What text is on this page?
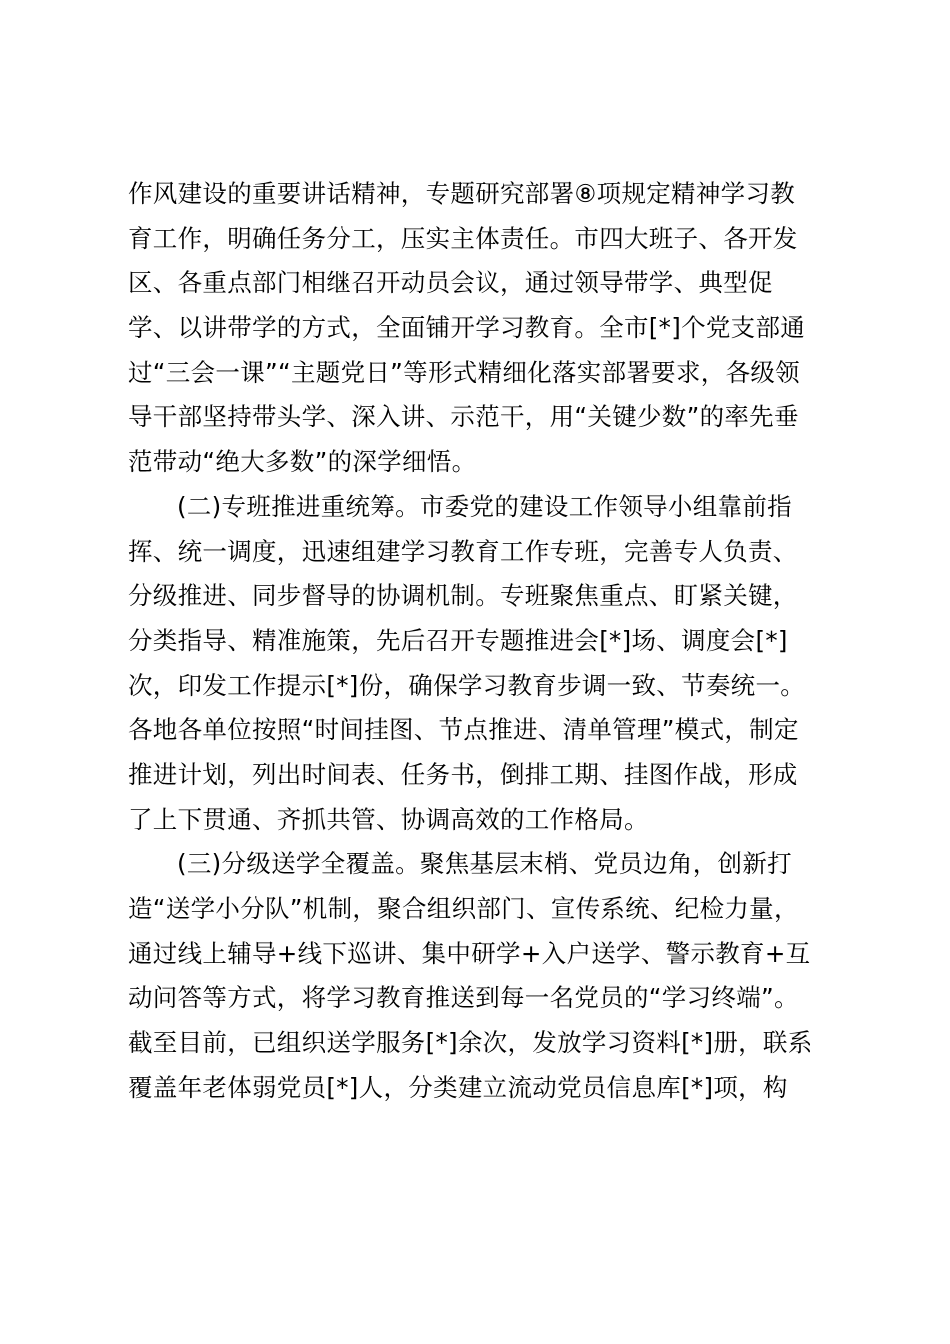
作风建设的重要讲话精神，专题研究部署⑧项规定精神学习教
育工作，明确任务分工，压实主体责任。市四大班子、各开发
区、各重点部门相继召开动员会议，通过领导带学、典型促
学、以讲带学的方式，全面铺开学习教育。全市[*]个党支部通
过“三会一课”“主题党日”等形式精细化落实部署要求，各级领
导干部坚持带头学、深入讲、示范干，用“关键少数”的率先垂
范带动“绝大多数”的深学细悟。
(二)专班推进重统筹。市委党的建设工作领导小组靠前指
挥、统一调度，迅速组建学习教育工作专班，完善专人负责、
分级推进、同步督导的协调机制。专班聚焦重点、盯紧关键，
分类指导、精准施策，先后召开专题推进会[*]场、调度会[*]
次，印发工作提示[*]份，确保学习教育步调一致、节奏统一。
各地各单位按照“时间挂图、节点推进、清单管理”模式，制定
推进计划，列出时间表、任务书，倒排工期、挂图作战，形成
了上下贯通、齐抓共管、协调高效的工作格局。
(三)分级送学全覆盖。聚焦基层末梢、党员边角，创新打
造“送学小分队”机制，聚合组织部门、宣传系统、纪检力量，
通过线上辅导+线下巡讲、集中研学+入户送学、警示教育+互
动问答等方式，将学习教育推送到每一名党员的“学习终端”。
截至目前，已组织送学服务[*]余次，发放学习资料[*]册，联系
覆盖年老体弱党员[*]人，分类建立流动党员信息库[*]项，构
